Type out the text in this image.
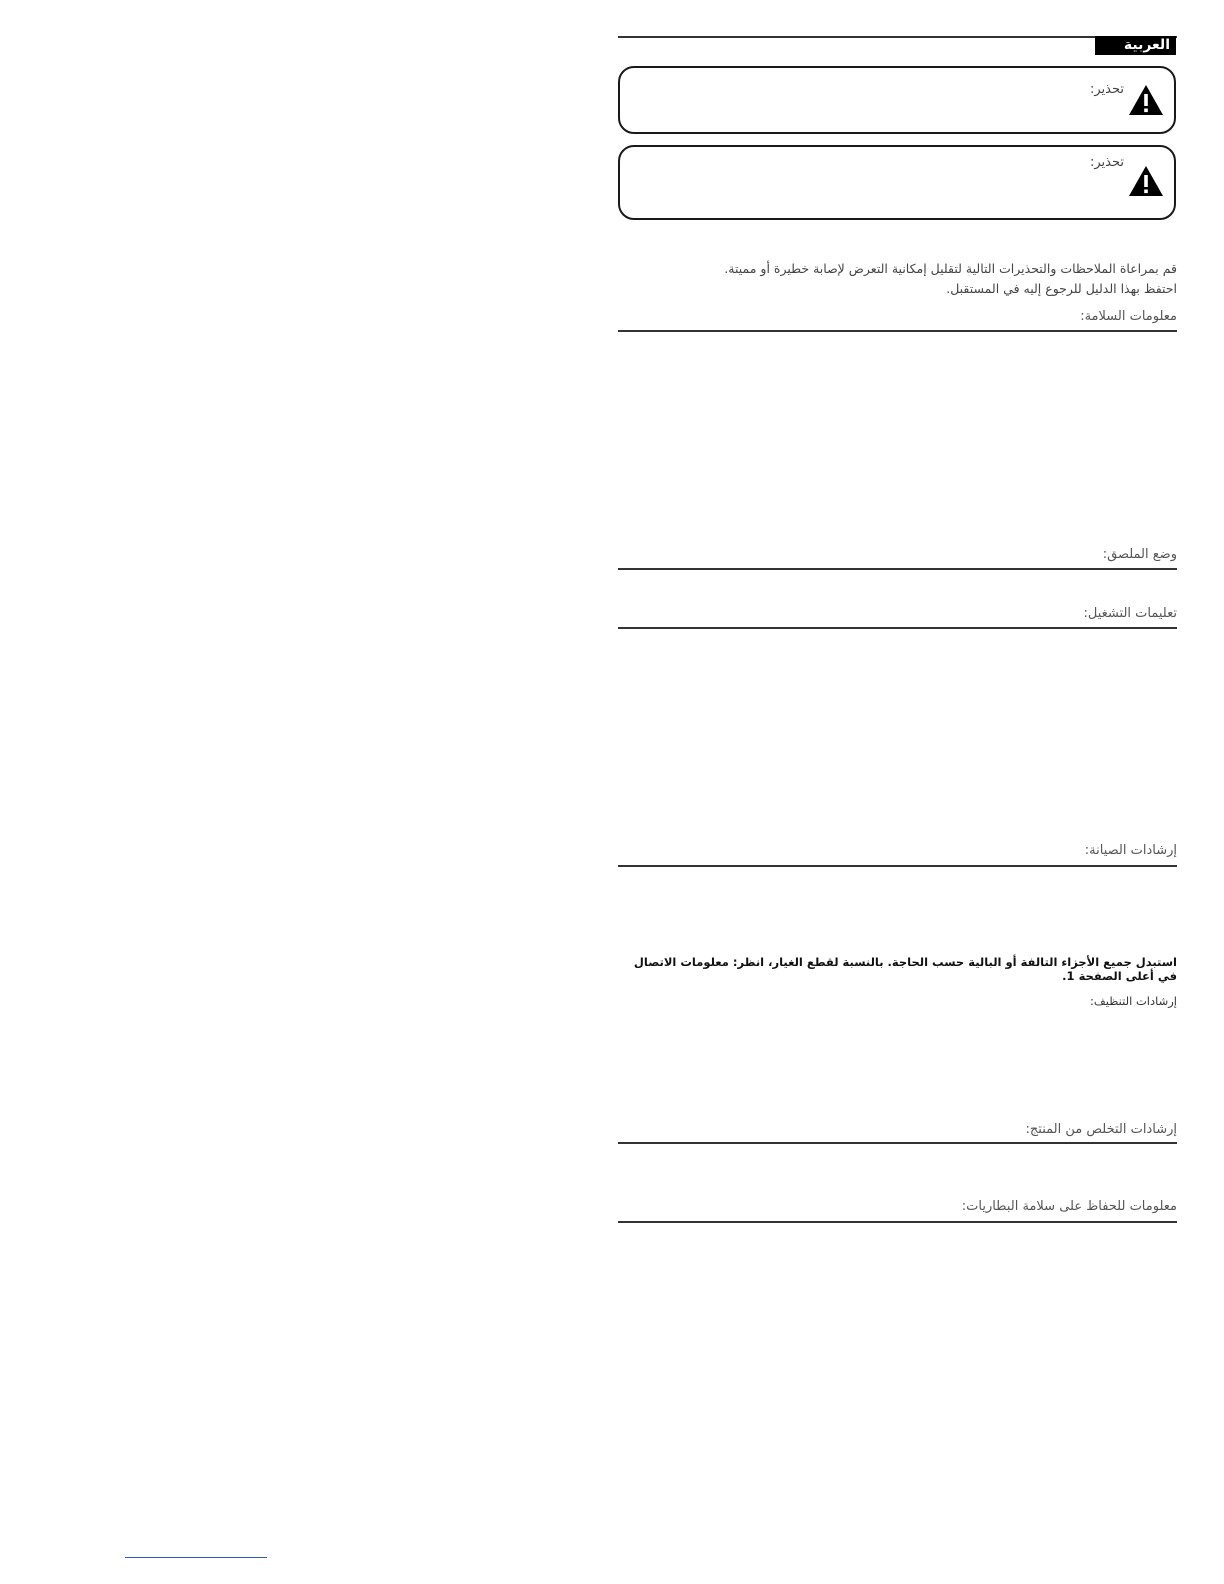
العربية
تحذير:
تحذير:
قم بمراعاة الملاحظات والتحذيرات التالية لتقليل إمكانية التعرض لإصابة خطيرة أو مميتة.
احتفظ بهذا الدليل للرجوع إليه في المستقبل.
معلومات السلامة:
وضع الملصق:
تعليمات التشغيل:
إرشادات الصيانة:
استبدل جميع الأجزاء التالفة أو البالية حسب الحاجة. بالنسبة لقطع الغيار، انظر: معلومات الاتصال في أعلى الصفحة 1.
إرشادات التنظيف:
إرشادات التخلص من المنتج:
معلومات للحفاظ على سلامة البطاريات:
